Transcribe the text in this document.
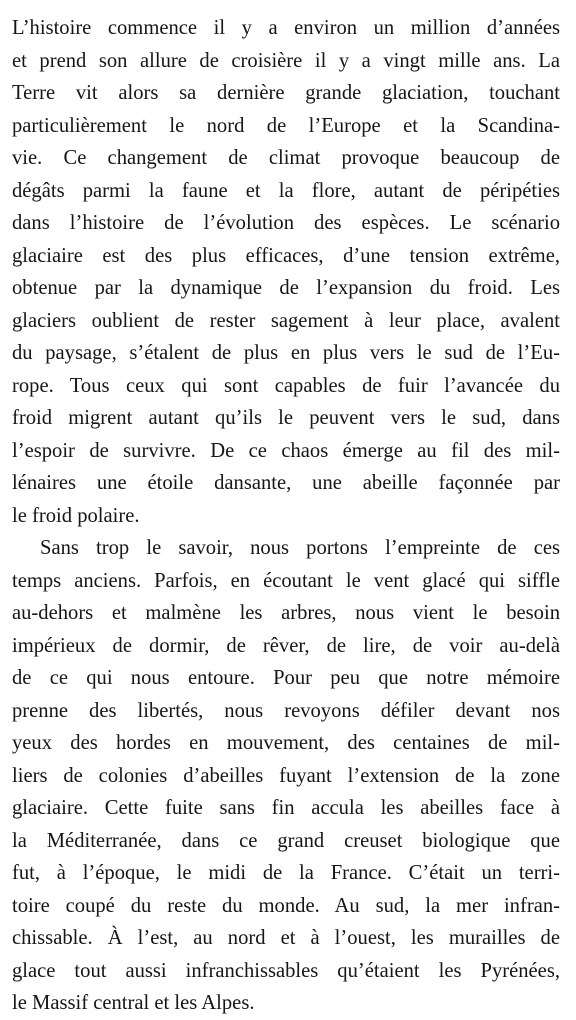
L’histoire commence il y a environ un million d’années
et prend son allure de croisière il y a vingt mille ans. La
Terre vit alors sa dernière grande glaciation, touchant
particulièrement le nord de l’Europe et la Scandina-
vie. Ce changement de climat provoque beaucoup de
dégâts parmi la faune et la flore, autant de péripéties
dans l’histoire de l’évolution des espèces. Le scénario
glaciaire est des plus efficaces, d’une tension extrême,
obtenue par la dynamique de l’expansion du froid. Les
glaciers oublient de rester sagement à leur place, avalent
du paysage, s’étalent de plus en plus vers le sud de l’Eu-
rope. Tous ceux qui sont capables de fuir l’avancée du
froid migrent autant qu’ils le peuvent vers le sud, dans
l’espoir de survivre. De ce chaos émerge au fil des mil-
lénaires une étoile dansante, une abeille façonnée par
le froid polaire.
Sans trop le savoir, nous portons l’empreinte de ces
temps anciens. Parfois, en écoutant le vent glacé qui siffle
au-dehors et malmène les arbres, nous vient le besoin
impérieux de dormir, de rêver, de lire, de voir au-delà
de ce qui nous entoure. Pour peu que notre mémoire
prenne des libertés, nous revoyons défiler devant nos
yeux des hordes en mouvement, des centaines de mil-
liers de colonies d’abeilles fuyant l’extension de la zone
glaciaire. Cette fuite sans fin accula les abeilles face à
la Méditerranée, dans ce grand creuset biologique que
fut, à l’époque, le midi de la France. C’était un terri-
toire coupé du reste du monde. Au sud, la mer infran-
chissable. À l’est, au nord et à l’ouest, les murailles de
glace tout aussi infranchissables qu’étaient les Pyrénées,
le Massif central et les Alpes.
